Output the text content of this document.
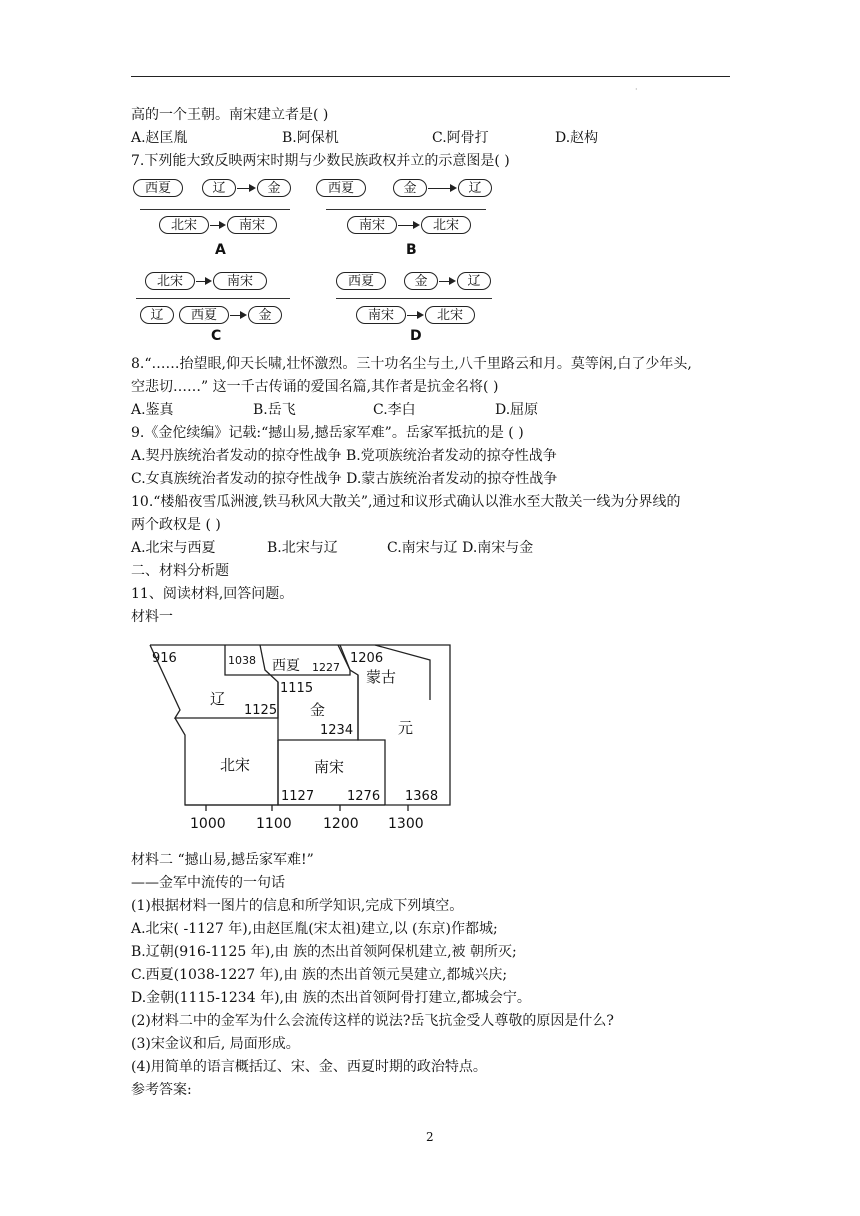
·
高的一个王朝。南宋建立者是( )
A.赵匡胤	B.阿保机	C.阿骨打	D.赵构
7.下列能大致反映两宋时期与少数民族政权并立的示意图是( )
西夏	辽	金
北宋	南宋
A
西夏	金	辽
南宋	北宋
B
北宋	南宋
辽	西夏	金
C
西夏	金	辽
南宋	北宋
D
8.“……抬望眼,仰天长啸,壮怀激烈。三十功名尘与土,八千里路云和月。莫等闲,白了少年头,
空悲切……” 这一千古传诵的爱国名篇,其作者是抗金名将( )
A.鉴真	B.岳飞	C.李白	D.屈原
9.《金佗续编》记载:“撼山易,撼岳家军难”。岳家军抵抗的是 ( )
A.契丹族统治者发动的掠夺性战争 B.党项族统治者发动的掠夺性战争
C.女真族统治者发动的掠夺性战争 D.蒙古族统治者发动的掠夺性战争
10.“楼船夜雪瓜洲渡,铁马秋风大散关”,通过和议形式确认以淮水至大散关一线为分界线的
两个政权是 ( )
A.北宋与西夏	B.北宋与辽	C.南宋与辽 D.南宋与金
二、材料分析题
11、阅读材料,回答问题。
材料一
辽
西夏
蒙古
金
元
北宋	南宋
916	1038
1227
1206
1115
1125
1234
1127	1276 1368
1000 1100 1200 1300
材料二 “撼山易,撼岳家军难!”
——金军中流传的一句话
(1)根据材料一图片的信息和所学知识,完成下列填空。
A.北宋( -1127 年),由赵匡胤(宋太祖)建立,以 (东京)作都城;
B.辽朝(916-1125 年),由 族的杰出首领阿保机建立,被 朝所灭;
C.西夏(1038-1227 年),由 族的杰出首领元昊建立,都城兴庆;
D.金朝(1115-1234 年),由 族的杰出首领阿骨打建立,都城会宁。
(2)材料二中的金军为什么会流传这样的说法?岳飞抗金受人尊敬的原因是什么?
(3)宋金议和后, 局面形成。
(4)用简单的语言概括辽、宋、金、西夏时期的政治特点。
参考答案:
2
